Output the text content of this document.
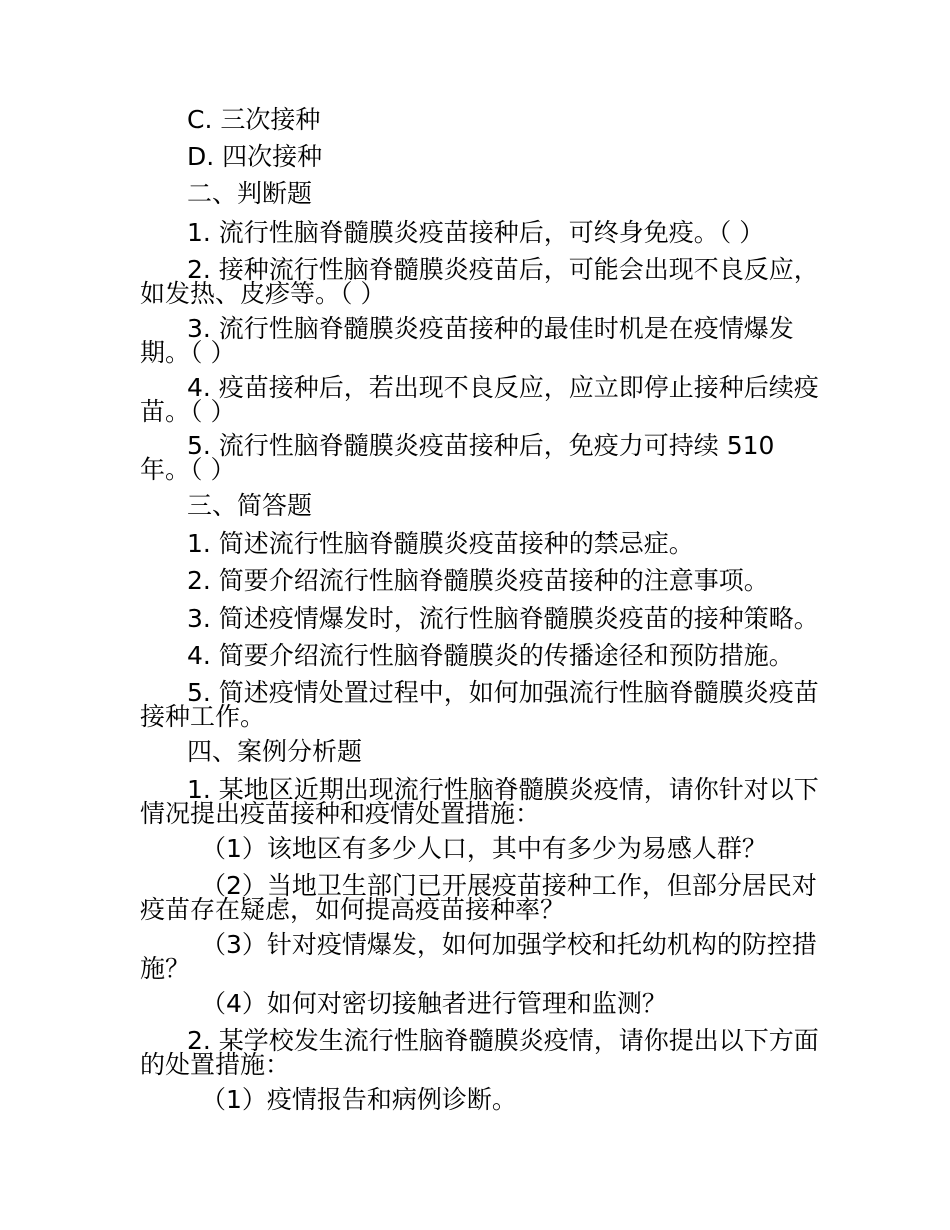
C. 三次接种

D. 四次接种

二、判断题

1. 流行性脑脊髓膜炎疫苗接种后，可终身免疫。（ ）

2. 接种流行性脑脊髓膜炎疫苗后，可能会出现不良反应，

如发热、皮疹等。（ ）

3. 流行性脑脊髓膜炎疫苗接种的最佳时机是在疫情爆发

期。（ ）

4. 疫苗接种后，若出现不良反应，应立即停止接种后续疫

苗。（ ）

5. 流行性脑脊髓膜炎疫苗接种后，免疫力可持续 510

年。（ ）

三、简答题

1. 简述流行性脑脊髓膜炎疫苗接种的禁忌症。

2. 简要介绍流行性脑脊髓膜炎疫苗接种的注意事项。

3. 简述疫情爆发时，流行性脑脊髓膜炎疫苗的接种策略。

4. 简要介绍流行性脑脊髓膜炎的传播途径和预防措施。

5. 简述疫情处置过程中，如何加强流行性脑脊髓膜炎疫苗

接种工作。

四、案例分析题

1. 某地区近期出现流行性脑脊髓膜炎疫情，请你针对以下

情况提出疫苗接种和疫情处置措施：

（1）该地区有多少人口，其中有多少为易感人群？

（2）当地卫生部门已开展疫苗接种工作，但部分居民对

疫苗存在疑虑，如何提高疫苗接种率？

（3）针对疫情爆发，如何加强学校和托幼机构的防控措

施？

（4）如何对密切接触者进行管理和监测？

2. 某学校发生流行性脑脊髓膜炎疫情，请你提出以下方面

的处置措施：

（1）疫情报告和病例诊断。
